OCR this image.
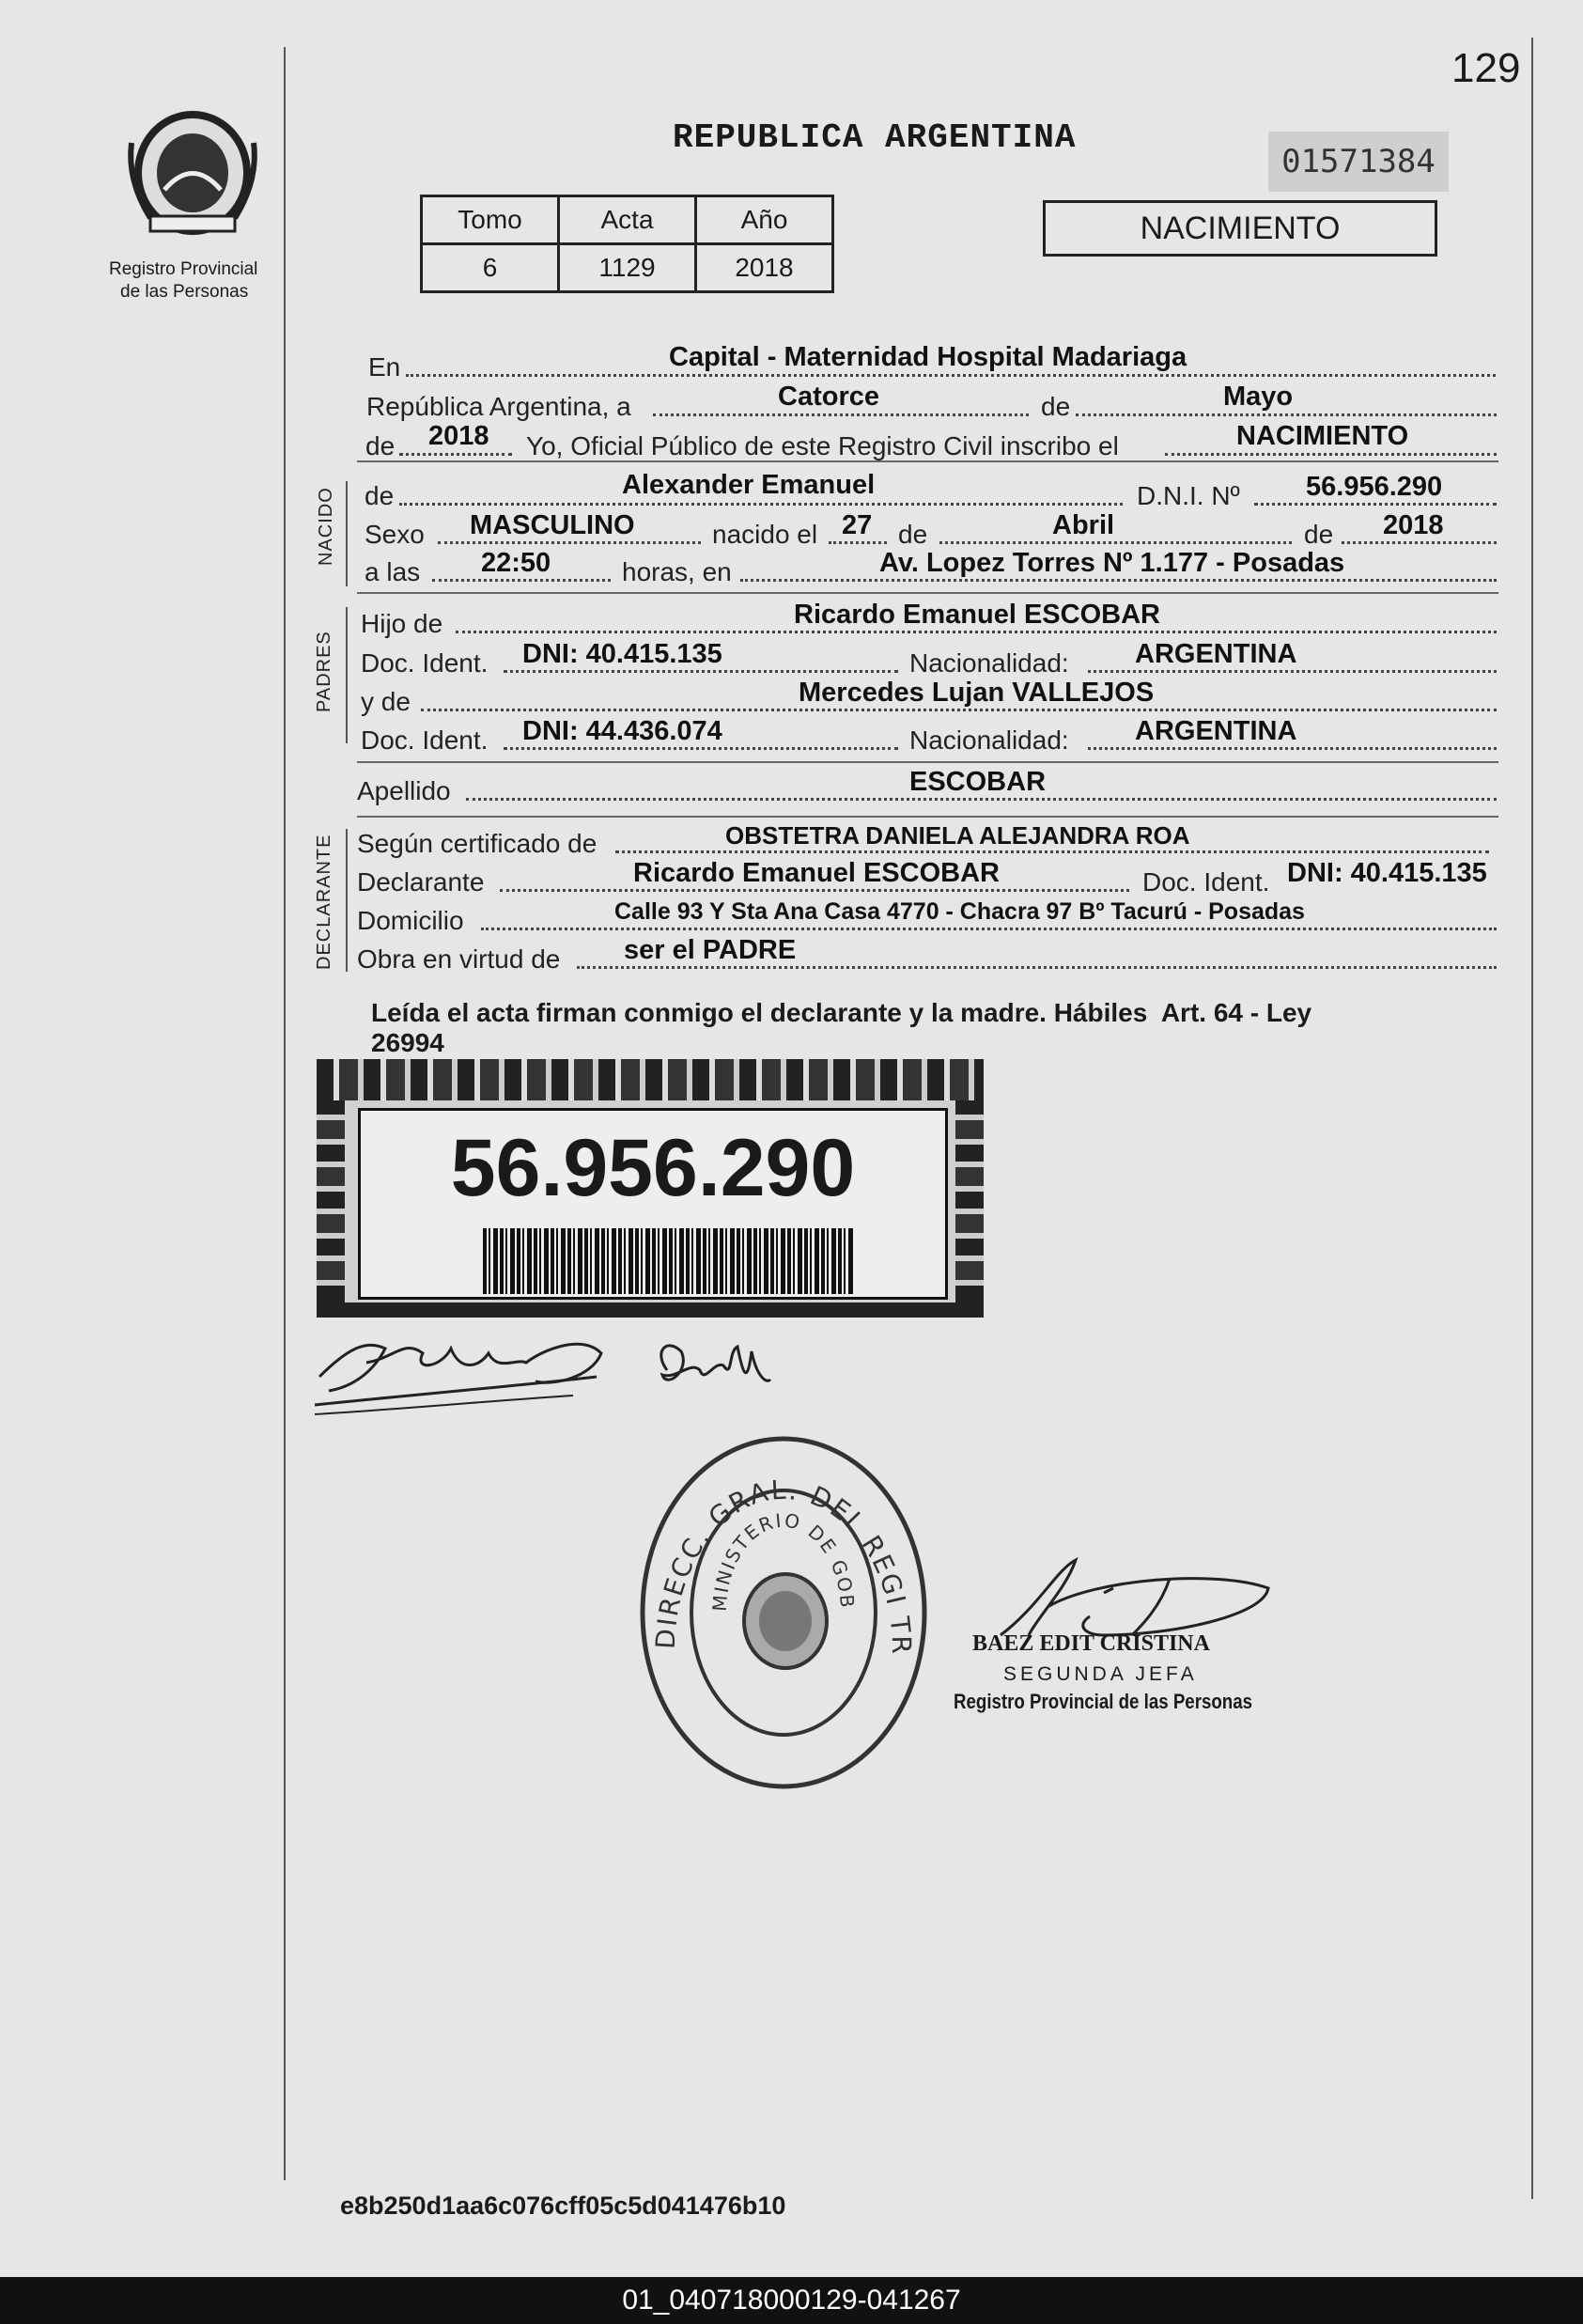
129
Registro Provincial
de las Personas
REPUBLICA ARGENTINA
01571384
Tomo	Acta	Año
6	1129	2018
NACIMIENTO
En	Capital - Maternidad Hospital Madariaga
República Argentina, a	Catorce	de	Mayo
de 2018 Yo, Oficial Público de este Registro Civil inscribo el	NACIMIENTO
NACIDO de	Alexander Emanuel	D.N.I. Nº 56.956.290
Sexo MASCULINO	nacido el 27 de	Abril	de 2018
a las 22:50	horas, en	Av. Lopez Torres Nº 1.177 - Posadas
PADRES
Hijo de	Ricardo Emanuel ESCOBAR
Doc. Ident. DNI: 40.415.135	Nacionalidad: ARGENTINA
y de	Mercedes Lujan VALLEJOS
Doc. Ident. DNI: 44.436.074	Nacionalidad: ARGENTINA
Apellido	ESCOBAR
DECLARANTE Según certificado de	OBSTETRA DANIELA ALEJANDRA ROA
Declarante	Ricardo Emanuel ESCOBAR	Doc. Ident. DNI: 40.415.135
Domicilio	Calle 93 Y Sta Ana Casa 4770 - Chacra 97 Bº Tacurú - Posadas
Obra en virtud de ser el PADRE
Leída el acta firman conmigo el declarante y la madre. Hábiles  Art. 64 - Ley
26994
56.956.290
DIRECC. GRAL. DEL REGI TR
MINISTERIO DE GOB
BAEZ EDIT CRISTINA
SEGUNDA JEFA
Registro Provincial de las Personas
e8b250d1aa6c076cff05c5d041476b10
01_040718000129-041267
